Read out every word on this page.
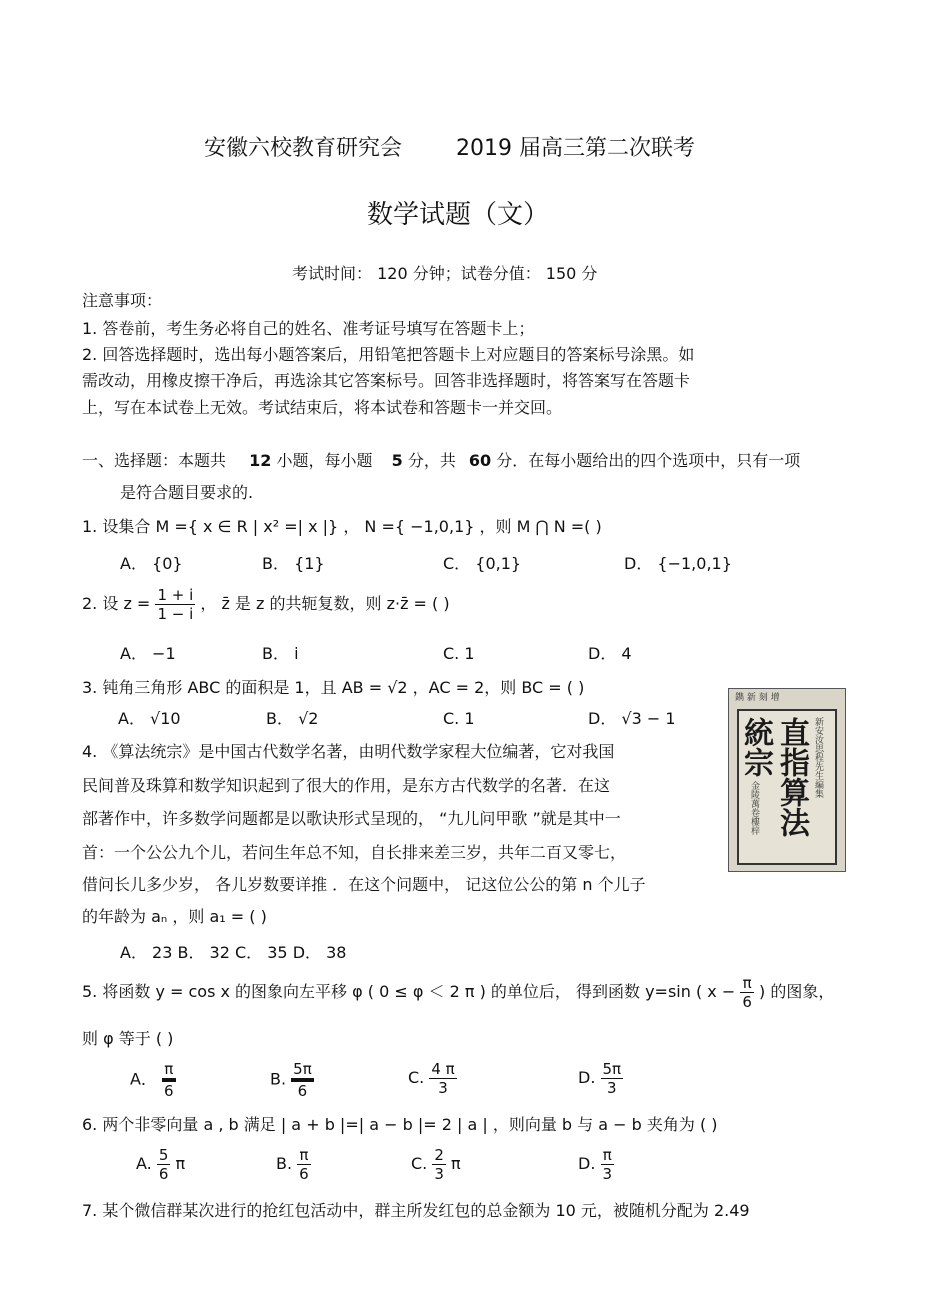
安徽六校教育研究会 2019 届高三第二次联考
数学试题（文）
考试时间： 120 分钟；试卷分值： 150 分
注意事项：
1. 答卷前，考生务必将自己的姓名、准考证号填写在答题卡上；
2. 回答选择题时，选出每小题答案后，用铅笔把答题卡上对应题目的答案标号涂黑。如
需改动，用橡皮擦干净后，再选涂其它答案标号。回答非选择题时，将答案写在答题卡
上，写在本试卷上无效。考试结束后，将本试卷和答题卡一并交回。
一、选择题：本题共 12 小题，每小题 5 分，共 60 分．在每小题给出的四个选项中，只有一项
是符合题目要求的.
1. 设集合 M ={ x ∈ R | x² =| x |} ， N ={ −1,0,1} ，则 M ⋂ N =( )
A． {0}	B． {1}	C． {0,1}	D． {−1,0,1}
2. 设 $z = \frac{1 + i}{1 - i}$ ， z̄ 是 z 的共轭复数，则 z·z̄ = ( )
A． −1	B． i	C. 1	D． 4
3. 钝角三角形 ABC 的面积是 1，且 AB = √2 ，AC = 2，则 BC = ( )
A． √10	B． √2	C. 1	D． √3 − 1
4. 《算法统宗》是中国古代数学名著，由明代数学家程大位编著，它对我国
民间普及珠算和数学知识起到了很大的作用，是东方古代数学的名著．在这
部著作中，许多数学问题都是以歌诀形式呈现的， “九儿问甲歌 ”就是其中一
首：一个公公九个儿，若问生年总不知，自长排来差三岁，共年二百又零七，
借问长儿多少岁， 各儿岁数要详推 ．在这个问题中， 记这位公公的第 n 个儿子
的年龄为 aₙ ，则 a₁ = ( )
A． 23 B． 32 C． 35 D． 38
鐫 新 刻 增
新安汝思程先生編集
直指算法統宗
金陵萬卷樓梓
5. 将函数 y = cos x 的图象向左平移 φ ( 0 ≤ φ ＜ 2 π ) 的单位后， 得到函数 y=sin ( $x - \frac{\pi}{6}$ ) 的图象，
则 φ 等于 ( )
A． $\frac{\pi}{6}$	B. $\frac{5\pi}{6}$	C. $\frac{4 \pi}{3}$	D. $\frac{5\pi}{3}$
6. 两个非零向量 a , b 满足 | a + b |=| a − b |= 2 | a | ，则向量 b 与 a − b 夹角为 ( )
A. $\frac{5}{6}$ π	B. $\frac{\pi}{6}$	C. $\frac{2}{3}$ π	D. $\frac{\pi}{3}$
7. 某个微信群某次进行的抢红包活动中，群主所发红包的总金额为 10 元，被随机分配为 2.49
